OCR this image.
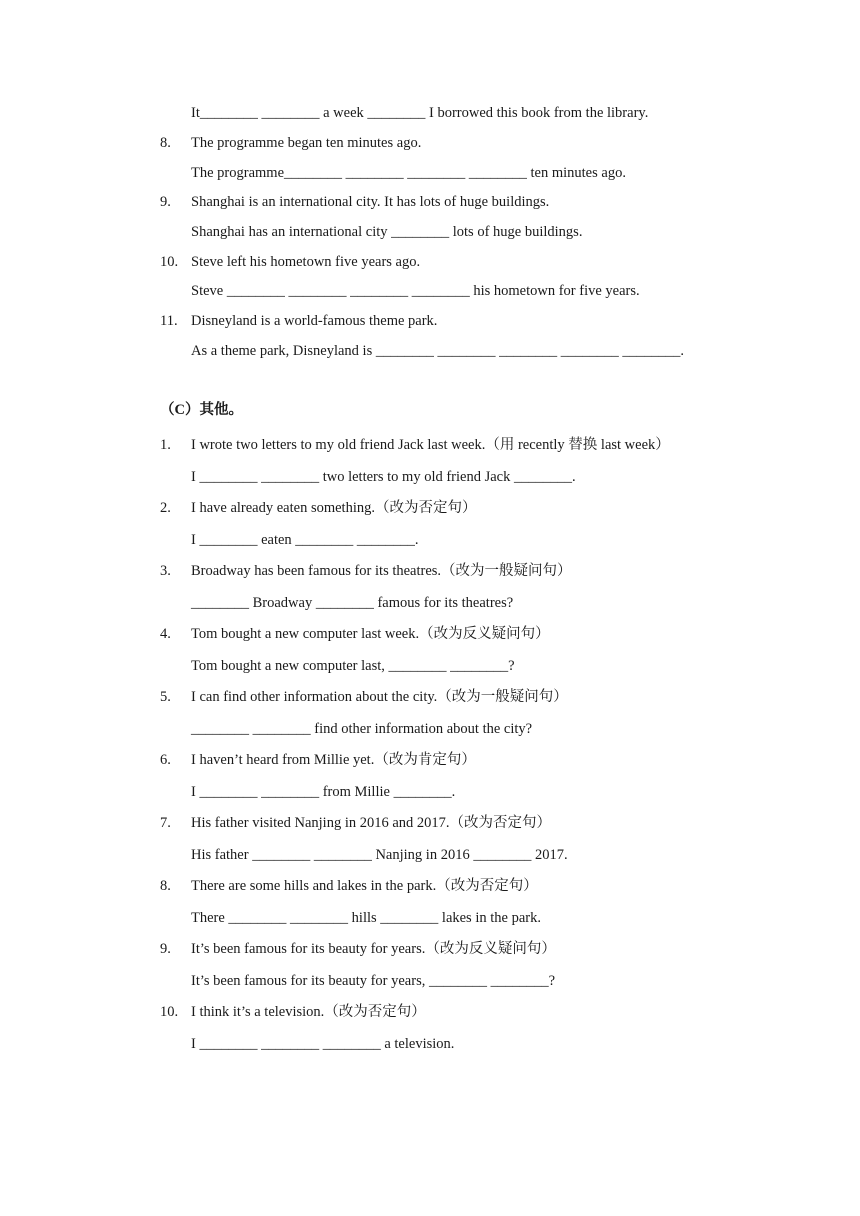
It________ ________ a week ________ I borrowed this book from the library.
8. The programme began ten minutes ago.
The programme________ ________ ________ ________ ten minutes ago.
9. Shanghai is an international city. It has lots of huge buildings.
Shanghai has an international city ________ lots of huge buildings.
10. Steve left his hometown five years ago.
Steve ________ ________ ________ ________ his hometown for five years.
11. Disneyland is a world-famous theme park.
As a theme park, Disneyland is ________ ________ ________ ________ ________.
（C）其他。
1. I wrote two letters to my old friend Jack last week.（用 recently 替换 last week）
I ________ ________ two letters to my old friend Jack ________.
2. I have already eaten something.（改为否定句）
I ________ eaten ________ ________.
3. Broadway has been famous for its theatres.（改为一般疑问句）
________ Broadway ________ famous for its theatres?
4. Tom bought a new computer last week.（改为反义疑问句）
Tom bought a new computer last, ________ ________?
5. I can find other information about the city.（改为一般疑问句）
________ ________ find other information about the city?
6. I haven’t heard from Millie yet.（改为肯定句）
I ________ ________ from Millie ________.
7. His father visited Nanjing in 2016 and 2017.（改为否定句）
His father ________ ________ Nanjing in 2016 ________ 2017.
8. There are some hills and lakes in the park.（改为否定句）
There ________ ________ hills ________ lakes in the park.
9. It’s been famous for its beauty for years.（改为反义疑问句）
It’s been famous for its beauty for years, ________ ________?
10. I think it’s a television.（改为否定句）
I ________ ________ ________ a television.
